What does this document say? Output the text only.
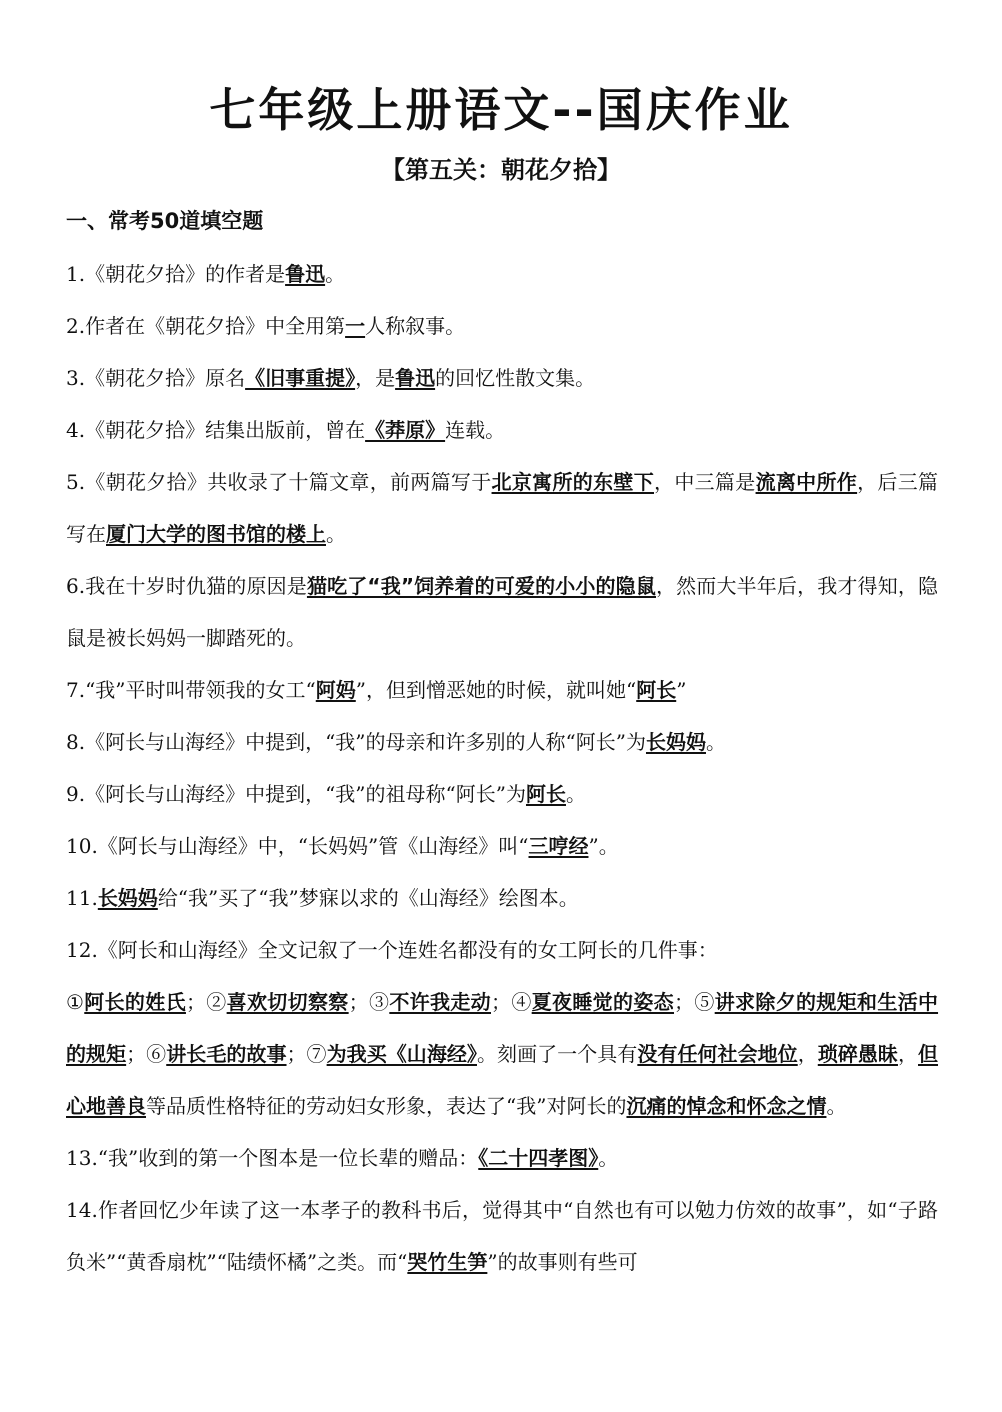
七年级上册语文--国庆作业
【第五关：朝花夕拾】
一、常考50道填空题

1.《朝花夕拾》的作者是鲁迅。

2.作者在《朝花夕拾》中全用第一人称叙事。

3.《朝花夕拾》原名《旧事重提》，是鲁迅的回忆性散文集。

4.《朝花夕拾》结集出版前，曾在《莽原》连载。

5.《朝花夕拾》共收录了十篇文章，前两篇写于北京寓所的东壁下，中三篇是流离中所作，后三篇写在厦门大学的图书馆的楼上。

6.我在十岁时仇猫的原因是猫吃了“我”饲养着的可爱的小小的隐鼠，然而大半年后，我才得知，隐鼠是被长妈妈一脚踏死的。

7.“我”平时叫带领我的女工“阿妈”，但到憎恶她的时候，就叫她“阿长”

8.《阿长与山海经》中提到，“我”的母亲和许多别的人称“阿长”为长妈妈。

9.《阿长与山海经》中提到，“我”的祖母称“阿长”为阿长。

10.《阿长与山海经》中，“长妈妈”管《山海经》叫“三哼经”。

11.长妈妈给“我”买了“我”梦寐以求的《山海经》绘图本。

12.《阿长和山海经》全文记叙了一个连姓名都没有的女工阿长的几件事：

①阿长的姓氏；②喜欢切切察察；③不许我走动；④夏夜睡觉的姿态；⑤讲求除夕的规矩和生活中的规矩；⑥讲长毛的故事；⑦为我买《山海经》。刻画了一个具有没有任何社会地位，琐碎愚昧，但心地善良等品质性格特征的劳动妇女形象，表达了“我”对阿长的沉痛的悼念和怀念之情。

13.“我”收到的第一个图本是一位长辈的赠品：《二十四孝图》。

14.作者回忆少年读了这一本孝子的教科书后，觉得其中“自然也有可以勉力仿效的故事”，如“子路负米”“黄香扇枕”“陆绩怀橘”之类。而“哭竹生笋”的故事则有些可
